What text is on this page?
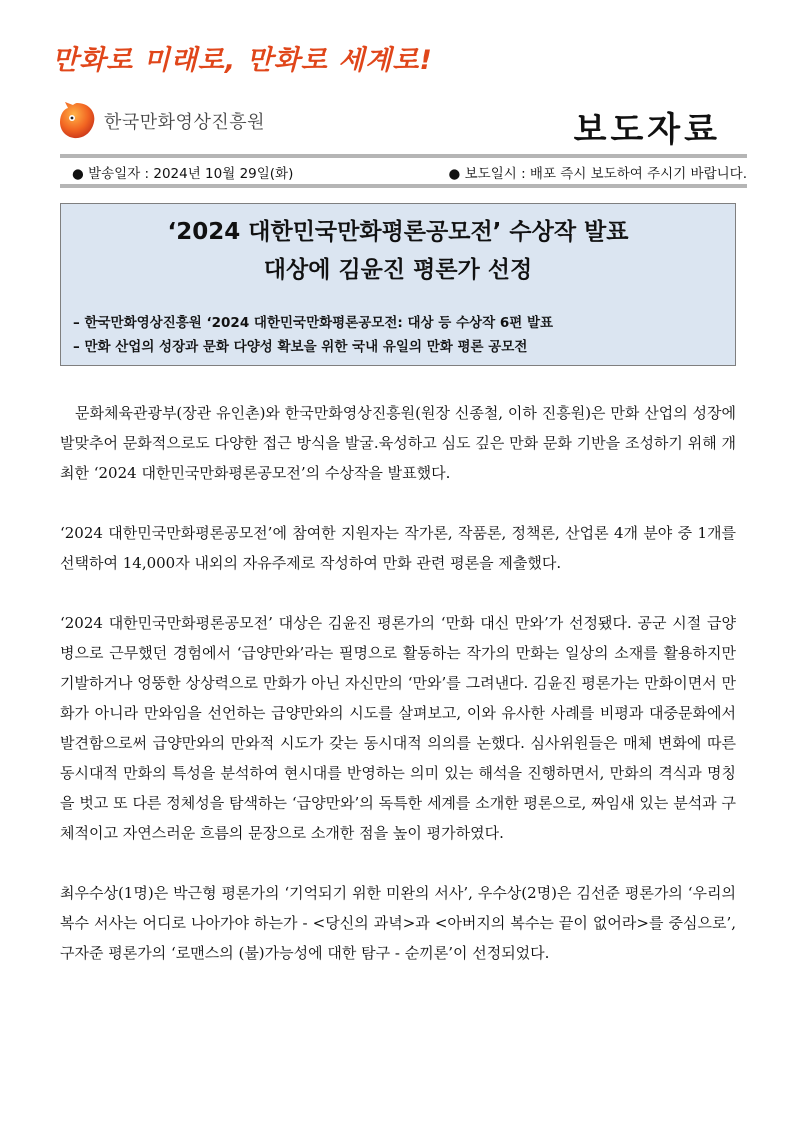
만화로 미래로, 만화로 세계로!
한국만화영상진흥원	보도자료
● 발송일자 : 2024년 10월 29일(화)	● 보도일시 : 배포 즉시 보도하여 주시기 바랍니다.
‘2024 대한민국만화평론공모전’ 수상작 발표
대상에 김윤진 평론가 선정
– 한국만화영상진흥원 ‘2024 대한민국만화평론공모전: 대상 등 수상작 6편 발표
– 만화 산업의 성장과 문화 다양성 확보을 위한 국내 유일의 만화 평론 공모전

문화체육관광부(장관 유인촌)와 한국만화영상진흥원(원장 신종철, 이하 진흥원)은 만화 산업의 성장에 발맞추어 문화적으로도 다양한 접근 방식을 발굴․육성하고 심도 깊은 만화 문화 기반을 조성하기 위해 개최한 ‘2024 대한민국만화평론공모전’의 수상작을 발표했다.

‘2024 대한민국만화평론공모전’에 참여한 지원자는 작가론, 작품론, 정책론, 산업론 4개 분야 중 1개를 선택하여 14,000자 내외의 자유주제로 작성하여 만화 관련 평론을 제출했다.

‘2024 대한민국만화평론공모전’ 대상은 김윤진 평론가의 ‘만화 대신 만와’가 선정됐다. 공군 시절 급양병으로 근무했던 경험에서 ‘급양만와’라는 필명으로 활동하는 작가의 만화는 일상의 소재를 활용하지만 기발하거나 엉뚱한 상상력으로 만화가 아닌 자신만의 ‘만와’를 그려낸다. 김윤진 평론가는 만화이면서 만화가 아니라 만와임을 선언하는 급양만와의 시도를 살펴보고, 이와 유사한 사례를 비평과 대중문화에서 발견함으로써 급양만와의 만와적 시도가 갖는 동시대적 의의를 논했다. 심사위원들은 매체 변화에 따른 동시대적 만화의 특성을 분석하여 현시대를 반영하는 의미 있는 해석을 진행하면서, 만화의 격식과 명칭을 벗고 또 다른 정체성을 탐색하는 ‘급양만와’의 독특한 세계를 소개한 평론으로, 짜임새 있는 분석과 구체적이고 자연스러운 흐름의 문장으로 소개한 점을 높이 평가하였다.

최우수상(1명)은 박근형 평론가의 ‘기억되기 위한 미완의 서사’, 우수상(2명)은 김선준 평론가의 ‘우리의 복수 서사는 어디로 나아가야 하는가 - <당신의 과녁>과 <아버지의 복수는 끝이 없어라>를 중심으로’, 구자준 평론가의 ‘로맨스의 (불)가능성에 대한 탐구 - 순끼론’이 선정되었다.
